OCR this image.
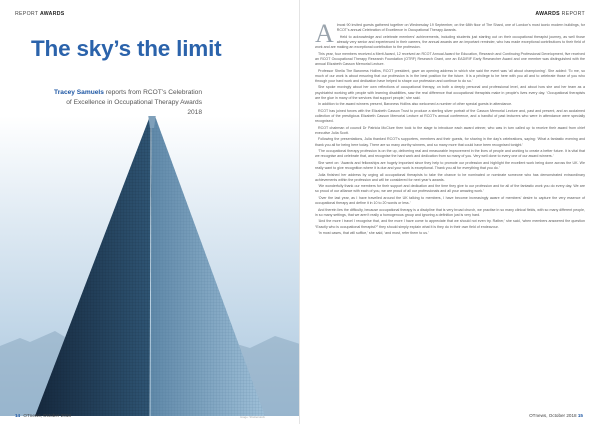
REPORT AWARDS
The sky’s the limit
Tracey Samuels reports from RCOT’s Celebration of Excellence in Occupational Therapy Awards 2018
Image: Shutterstock
14 OTnews, October 2018
AWARDS REPORT

Almost 90 invited guests gathered together on Wednesday 19 September, on the 68th floor of The Shard, one of London’s most iconic modern buildings, for RCOT’s annual Celebration of Excellence in Occupational Therapy Awards.

Held to acknowledge and celebrate members’ achievements, including students just starting out on their occupational therapist journey, as well those already very senior and experienced in their careers, the annual awards are an important reminder, who has made exceptional contributions to their field of work and are making an exceptional contribution to the profession.

This year, four members received a Merit Award, 12 received an RCOT Annual Award for Education, Research and Continuing Professional Development, five received an RCOT Occupational Therapy Research Foundation (OTRF) Research Grant, one an EAD/RIF Early Researcher Award and one member was distinguished with the annual Elizabeth Casson Memorial Lecture.

Professor Sheila The Baroness Hollins, RCOT president, gave an opening address in which she said the event was ‘all about championing’. She added: ‘To me, so much of our work is about ensuring that our profession is in the best position for the future. It is a privilege to be here with you all and to celebrate those of you who through your hard work and dedication have helped to shape our profession and continue to do so.’

She spoke movingly about her own reflections of occupational therapy, on both a deeply personal and professional level, and about how she and her team as a psychiatrist working with people with learning disabilities, saw the real difference that occupational therapists make in people’s lives every day. ‘Occupational therapists are the glue in many of the services that support people,’ she said.

In addition to the award winners present, Baroness Hollins also welcomed a number of other special guests in attendance.

RCOT has joined forces with the Elizabeth Casson Trust to produce a sterling silver portrait of the Casson Memorial Lecture and, past and present, and an acclaimed collection of the prestigious Elizabeth Casson Memorial Lecture at RCOT’s annual conference, and a handful of past lecturers who were in attendance were specially recognised.

RCOT chairman of council Dr Patricia McClure then took to the stage to introduce each award winner, who was in turn called up to receive their award from chief executive Julia Scott.

Following the presentations, Julia thanked RCOT’s supporters, members and their guests, for sharing in the day’s celebrations, saying: ‘What a fantastic evening and thank you all for being here today. There are so many worthy winners, and so many more that could have been recognised tonight.’

‘The occupational therapy profession is on the up, delivering real and measurable improvement in the lives of people and working to create a better future. It is vital that we recognise and celebrate that, and recognise the hard work and dedication from so many of you. Very well done to every one of our award winners.’

She went on: ‘Awards and fellowships are hugely important since they help to promote our profession and highlight the excellent work being done across the UK. We really want to give recognition where it is due and your work is exceptional. Thank you all for everything that you do.’

Julia finished her address by urging all occupational therapists to take the chance to be nominated or nominate someone who has demonstrated extraordinary achievements within the profession and will be considered for next year’s awards.

‘We wonderfully thank our members for their support and dedication and the time they give to our profession and for all of the fantastic work you do every day. We are so proud of our alliance with each of you, we are proud of all our professionals and all your amazing work.’

‘Over the last year, as I have travelled around the UK talking to members, I have become increasingly aware of members’ desire to capture the very essence of occupational therapy and define it in 10 to 20 words or less.’

And therein lies the difficulty, because occupational therapy is a discipline that is very broad church, we practise in so many clinical fields, with so many different people, in so many settings, that we aren’t really a homogenous group and ignoring a definition just is very hard.

‘And the more I travel I recognise that, and the more I have come to appreciate that we should not even try. Rather,’ she said, ‘when members answered the question “Exactly who is occupational therapist?” they should simply explain what it is they do in their own field of endeavour.

‘In most cases, that will suffice,’ she said, ‘and most, refer them to us.’

OTnews, October 2018 15
